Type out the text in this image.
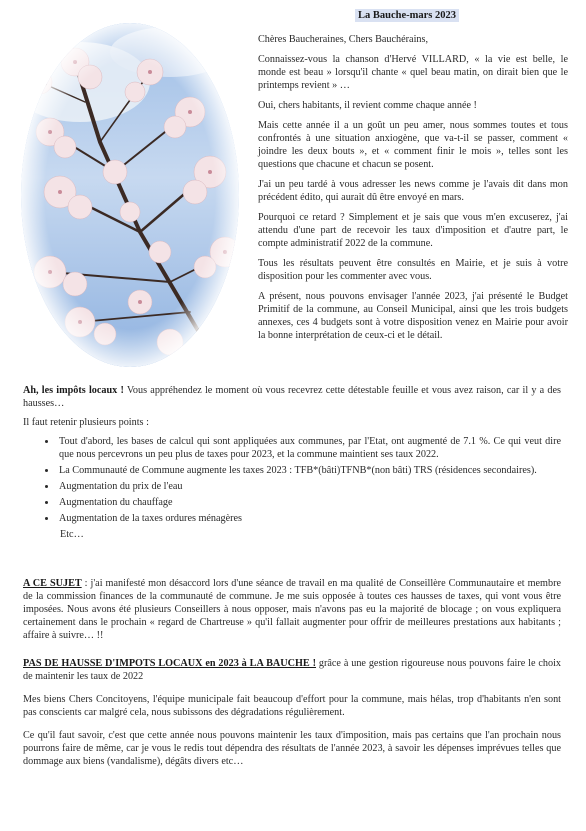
La Bauche-mars 2023

Chères Baucheraines, Chers Bauchérains,

Connaissez-vous la chanson d'Hervé VILLARD, « la vie est belle, le monde est beau » lorsqu'il chante « quel beau matin, on dirait bien que le printemps revient » …

Oui, chers habitants, il revient comme chaque année !

Mais cette année il a un goût un peu amer, nous sommes toutes et tous confrontés à une situation anxiogène, que va-t-il se passer, comment « joindre les deux bouts », et « comment finir le mois », telles sont les questions que chacune et chacun se posent.

J'ai un peu tardé à vous adresser les news comme je l'avais dit dans mon précédent édito, qui aurait dû être envoyé en mars.

Pourquoi ce retard ? Simplement et je sais que vous m'en excuserez, j'ai attendu d'une part de recevoir les taux d'imposition et d'autre part, le compte administratif 2022 de la commune.

Tous les résultats peuvent être consultés en Mairie, et je suis à votre disposition pour les commenter avec vous.

A présent, nous pouvons envisager l'année 2023, j'ai présenté le Budget Primitif de la commune, au Conseil Municipal, ainsi que les trois budgets annexes, ces 4 budgets sont à votre disposition venez en Mairie pour avoir la bonne interprétation de ceux-ci et le détail.

Ah, les impôts locaux ! Vous appréhendez le moment où vous recevrez cette détestable feuille et vous avez raison, car il y a des hausses…

Il faut retenir plusieurs points :

• Tout d'abord, les bases de calcul qui sont appliquées aux communes, par l'Etat, ont augmenté de 7.1 %. Ce qui veut dire que nous percevrons un peu plus de taxes pour 2023, et la commune maintient ses taux 2022.
• La Communauté de Commune augmente les taxes 2023 : TFB*(bâti)TFNB*(non bâti) TRS (résidences secondaires).
• Augmentation du prix de l'eau
• Augmentation du chauffage
• Augmentation de la taxes ordures ménagères

Etc…

A CE SUJET : j'ai manifesté mon désaccord lors d'une séance de travail en ma qualité de Conseillère Communautaire et membre de la commission finances de la communauté de commune. Je me suis opposée à toutes ces hausses de taxes, qui vont vous être imposées. Nous avons été plusieurs Conseillers à nous opposer, mais n'avons pas eu la majorité de blocage ; on vous expliquera certainement dans le prochain « regard de Chartreuse » qu'il fallait augmenter pour offrir de meilleures prestations aux habitants ; affaire à suivre… !!

PAS DE HAUSSE D'IMPOTS LOCAUX en 2023 à LA BAUCHE ! grâce à une gestion rigoureuse nous pouvons faire le choix de maintenir les taux de 2022

Mes biens Chers Concitoyens, l'équipe municipale fait beaucoup d'effort pour la commune, mais hélas, trop d'habitants n'en sont pas conscients car malgré cela, nous subissons des dégradations régulièrement.

Ce qu'il faut savoir, c'est que cette année nous pouvons maintenir les taux d'imposition, mais pas certains que l'an prochain nous pourrons faire de même, car je vous le redis tout dépendra des résultats de l'année 2023, à savoir les dépenses imprévues telles que dommage aux biens (vandalisme), dégâts divers etc…
